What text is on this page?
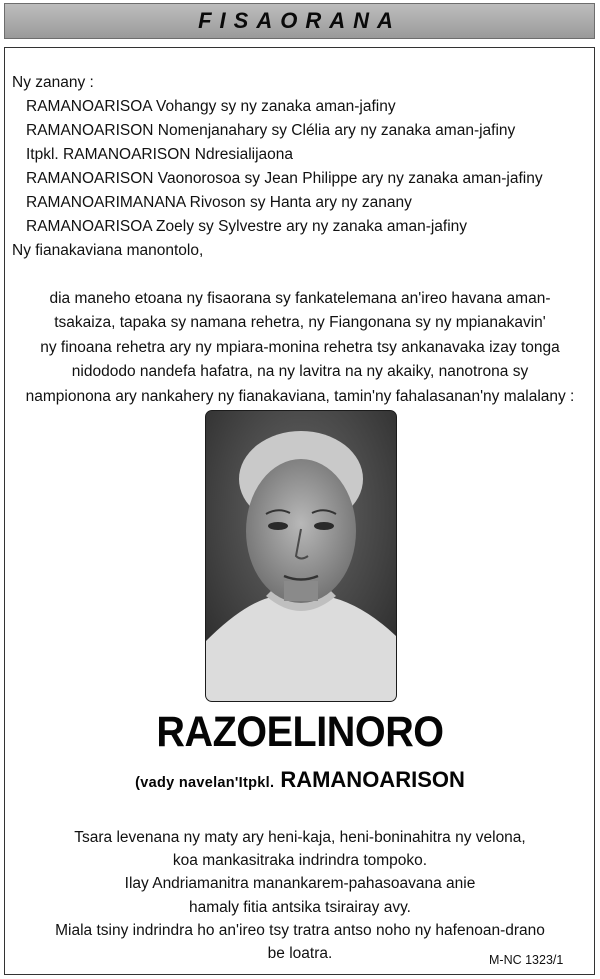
FISAORANA
Ny zanany :
RAMANOARISOA Vohangy sy ny zanaka aman-jafiny
RAMANOARISON Nomenjanahary sy Clélia ary ny zanaka aman-jafiny
Itpkl. RAMANOARISON Ndresialijaona
RAMANOARISON Vaonorosoa sy Jean Philippe ary ny zanaka aman-jafiny
RAMANOARIMANANA Rivoson sy Hanta ary ny zanany
RAMANOARISOA Zoely sy Sylvestre ary ny zanaka aman-jafiny
Ny fianakaviana manontolo,
dia maneho etoana ny fisaorana sy fankatelemana an'ireo havana aman-
tsakaiza, tapaka sy namana rehetra, ny Fiangonana sy ny mpianakavin'
ny finoana rehetra ary ny mpiara-monina rehetra tsy ankanavaka izay tonga
nidododo nandefa hafatra, na ny lavitra na ny akaiky, nanotrona sy
nampionona ary nankahery ny fianakaviana, tamin'ny fahalasanan'ny malalany :
RAZOELINORO
(vady navelan'Itpkl. RAMANOARISON
Tsara levenana ny maty ary heni-kaja, heni-boninahitra ny velona,
koa mankasitraka indrindra tompoko.
Ilay Andriamanitra manankarem-pahasoavana anie
hamaly fitia antsika tsirairay avy.
Miala tsiny indrindra ho an'ireo tsy tratra antso noho ny hafenoan-drano
be loatra.	M-NC 1323/1
